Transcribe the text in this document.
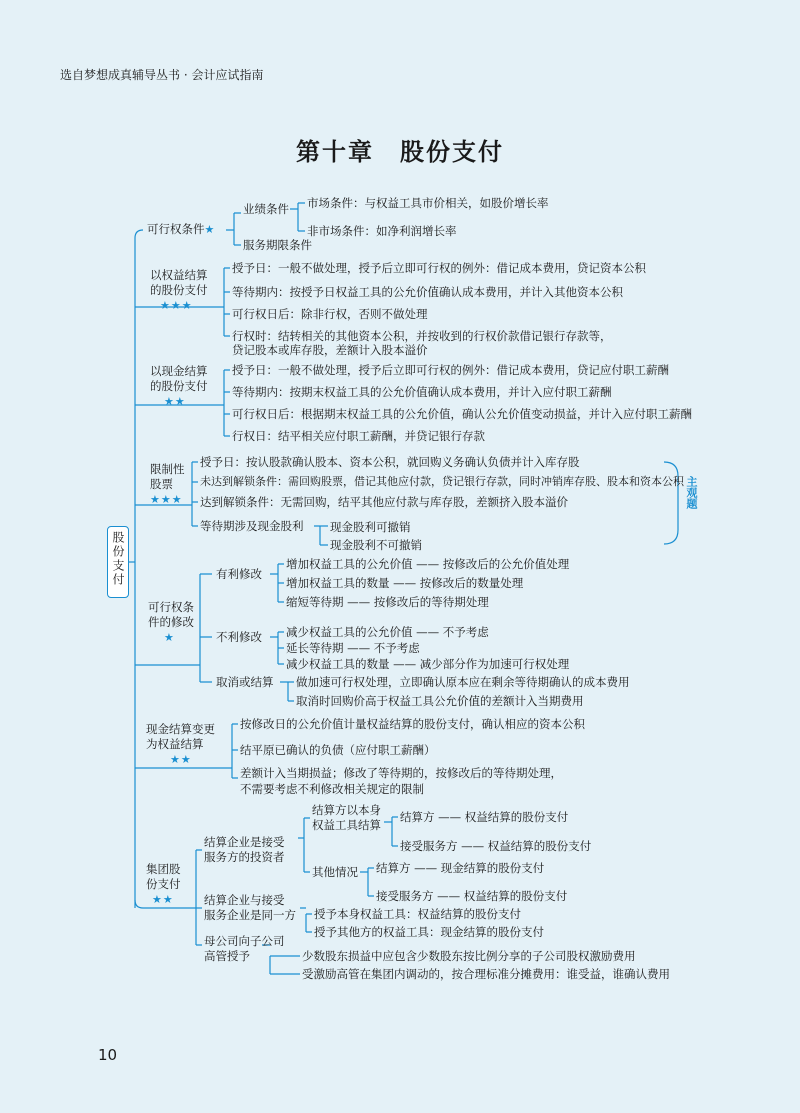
选自梦想成真辅导丛书 · 会计应试指南
第十章　股份支付
股份支付
可行权条件★
业绩条件 市场条件：与权益工具市价相关，如股价增长率
非市场条件：如净利润增长率
服务期限条件
以权益结算
的股份支付
★★★
授予日：一般不做处理，授予后立即可行权的例外：借记成本费用，贷记资本公积
等待期内：按授予日权益工具的公允价值确认成本费用，并计入其他资本公积
可行权日后：除非行权，否则不做处理
行权时：结转相关的其他资本公积，并按收到的行权价款借记银行存款等，
贷记股本或库存股，差额计入股本溢价
以现金结算
的股份支付
★★
授予日：一般不做处理，授予后立即可行权的例外：借记成本费用，贷记应付职工薪酬
等待期内：按期末权益工具的公允价值确认成本费用，并计入应付职工薪酬
可行权日后：根据期末权益工具的公允价值，确认公允价值变动损益，并计入应付职工薪酬
行权日：结平相关应付职工薪酬，并贷记银行存款
限制性
股票
★★★
授予日：按认股款确认股本、资本公积，就回购义务确认负债并计入库存股
未达到解锁条件：需回购股票，借记其他应付款，贷记银行存款，同时冲销库存股、股本和资本公积
达到解锁条件：无需回购，结平其他应付款与库存股，差额挤入股本溢价
等待期涉及现金股利 现金股利可撤销
现金股利不可撤销
主观题
可行权条
件的修改
★
有利修改
增加权益工具的公允价值 —— 按修改后的公允价值处理
增加权益工具的数量 —— 按修改后的数量处理
缩短等待期 —— 按修改后的等待期处理
不利修改 减少权益工具的公允价值 —— 不予考虑
延长等待期 —— 不予考虑
减少权益工具的数量 —— 减少部分作为加速可行权处理
取消或结算 做加速可行权处理，立即确认原本应在剩余等待期确认的成本费用
取消时回购价高于权益工具公允价值的差额计入当期费用
现金结算变更
为权益结算
★★
按修改日的公允价值计量权益结算的股份支付，确认相应的资本公积
结平原已确认的负债（应付职工薪酬）
差额计入当期损益；修改了等待期的，按修改后的等待期处理，
不需要考虑不利修改相关规定的限制
集团股
份支付
★★
结算企业是接受
服务方的投资者
结算方以本身
权益工具结算
结算方 —— 权益结算的股份支付
接受服务方 —— 权益结算的股份支付
其他情况 结算方 —— 现金结算的股份支付
接受服务方 —— 权益结算的股份支付
结算企业与接受
服务企业是同一方 授予本身权益工具：权益结算的股份支付
授予其他方的权益工具：现金结算的股份支付
母公司向子公司
高管授予	少数股东损益中应包含少数股东按比例分享的子公司股权激励费用
受激励高管在集团内调动的，按合理标准分摊费用：谁受益，谁确认费用
10
